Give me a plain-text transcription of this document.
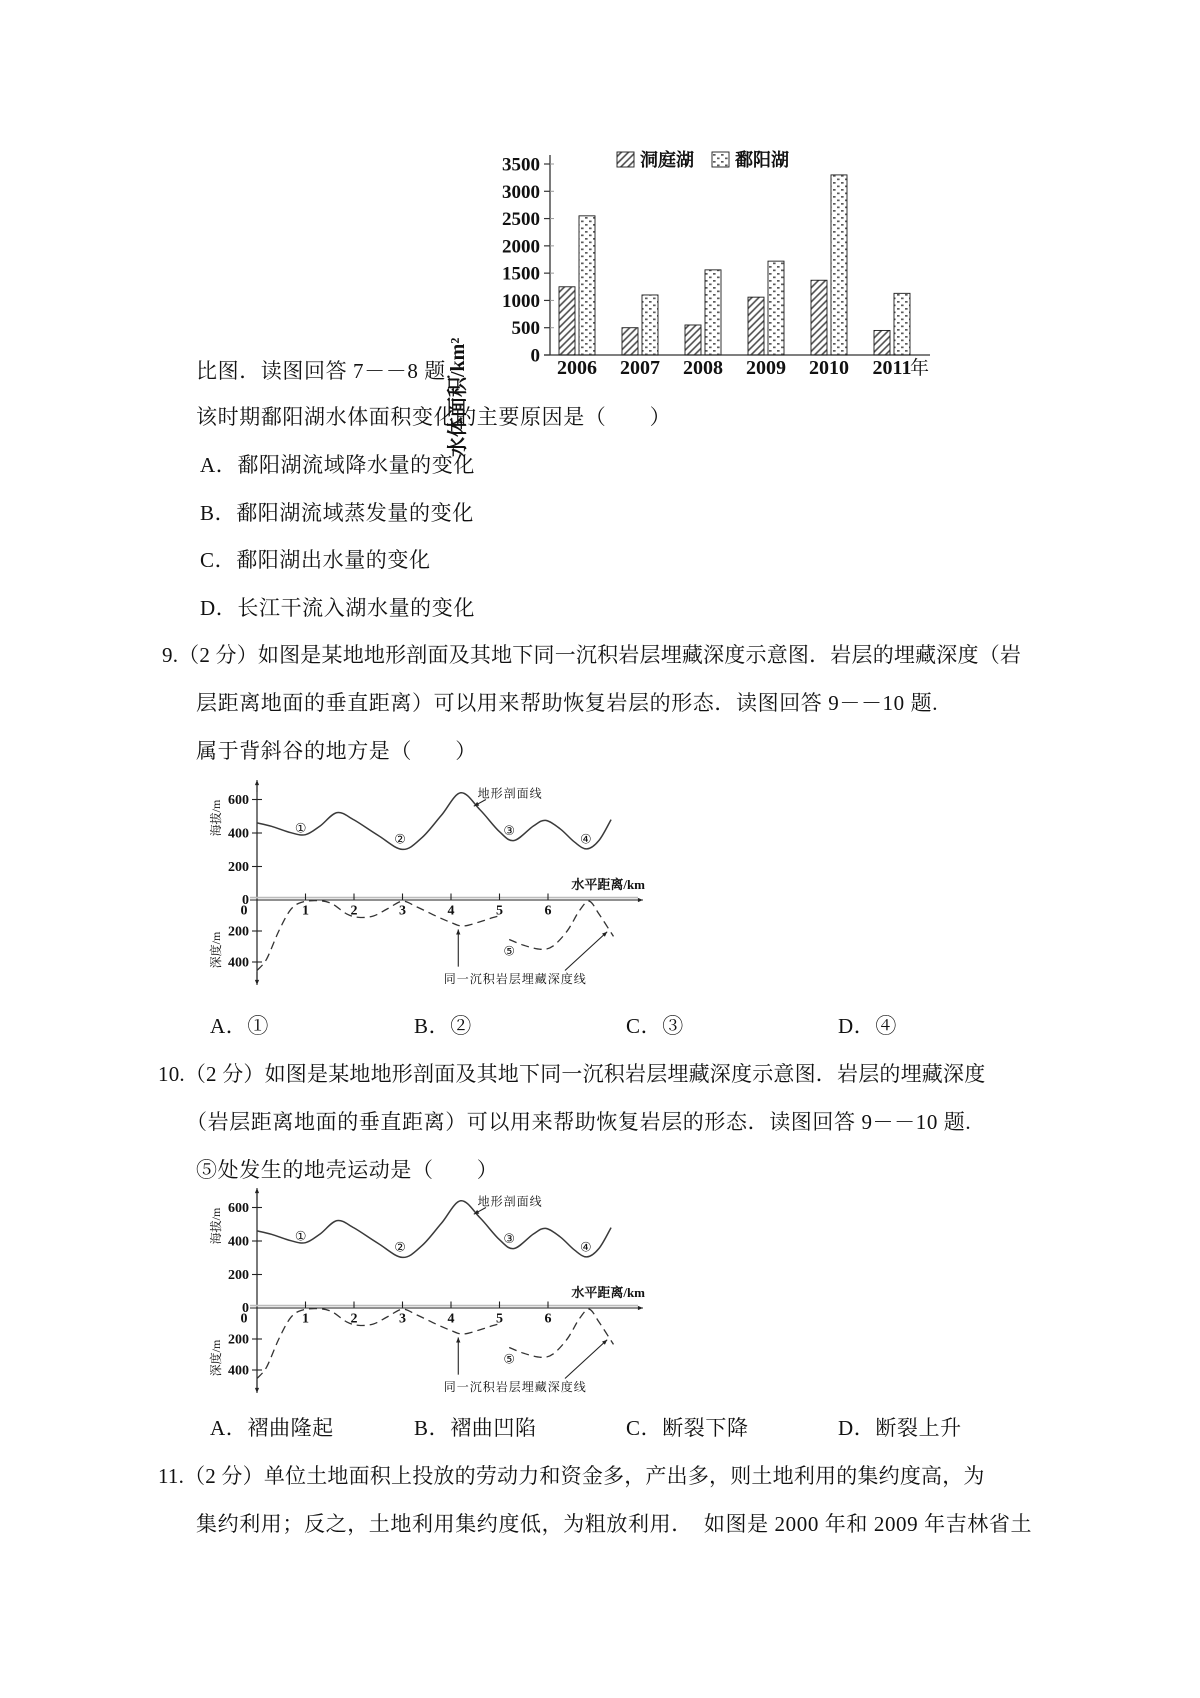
0
500
1000
1500
2000
2500
3000
3500
2006 2007 2008 2009 2010 2011
年
水体面积/km²
洞庭湖 鄱阳湖
比图．读图回答 7－－8 题.
该时期鄱阳湖水体面积变化的主要原因是（　　）
A．鄱阳湖流域降水量的变化
B．鄱阳湖流域蒸发量的变化
C．鄱阳湖出水量的变化
D．长江干流入湖水量的变化
9.（2 分）如图是某地地形剖面及其地下同一沉积岩层埋藏深度示意图．岩层的埋藏深度（岩
层距离地面的垂直距离）可以用来帮助恢复岩层的形态．读图回答 9－－10 题.
属于背斜谷的地方是（　　）
200
400
600
0
200
400
0	1	2	3	4	5	6
水平距离/km
海拔/m
深度/m
①
②
③
④
⑤
地形剖面线
同一沉积岩层埋藏深度线
A．①	B．②	C．③	D．④
10.（2 分）如图是某地地形剖面及其地下同一沉积岩层埋藏深度示意图．岩层的埋藏深度
（岩层距离地面的垂直距离）可以用来帮助恢复岩层的形态．读图回答 9－－10 题.
⑤处发生的地壳运动是（　　）
200
400
600
0
200
400
0	1	2	3	4	5	6
水平距离/km
海拔/m
深度/m
①
②
③
④
⑤
地形剖面线
同一沉积岩层埋藏深度线
A．褶曲隆起	B．褶曲凹陷	C．断裂下降	D．断裂上升
11.（2 分）单位土地面积上投放的劳动力和资金多，产出多，则土地利用的集约度高，为
集约利用；反之，土地利用集约度低，为粗放利用．　如图是 2000 年和 2009 年吉林省土
